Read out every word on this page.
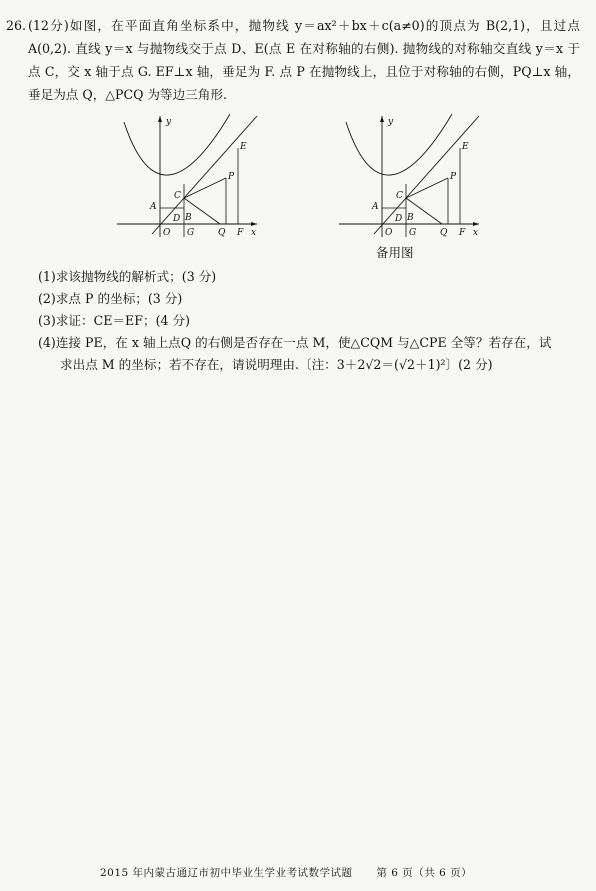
26. (12分)如图，在平面直角坐标系中，抛物线 y＝ax²＋bx＋c(a≠0)的顶点为 B(2,1)，且过点 A(0,2). 直线 y＝x 与抛物线交于点 D、E(点 E 在对称轴的右侧). 抛物线的对称轴交直线 y＝x 于点 C，交 x 轴于点 G. EF⊥x 轴，垂足为 F. 点 P 在抛物线上，且位于对称轴的右侧，PQ⊥x 轴，垂足为点 Q，△PCQ 为等边三角形.
y
x
A
B
C
D
E
P
O G	Q F
y
x
A
B
C
D
E
P
O G	Q F
备用图
(1)求该抛物线的解析式；(3 分)
(2)求点 P 的坐标；(3 分)
(3)求证：CE＝EF；(4 分)
(4)连接 PE，在 x 轴上点Q 的右侧是否存在一点 M，使△CQM 与△CPE 全等？若存在，试
求出点 M 的坐标；若不存在，请说明理由.〔注：3＋2√2＝(√2＋1)²〕(2 分)
2015 年内蒙古通辽市初中毕业生学业考试数学试题 第 6 页（共 6 页）
